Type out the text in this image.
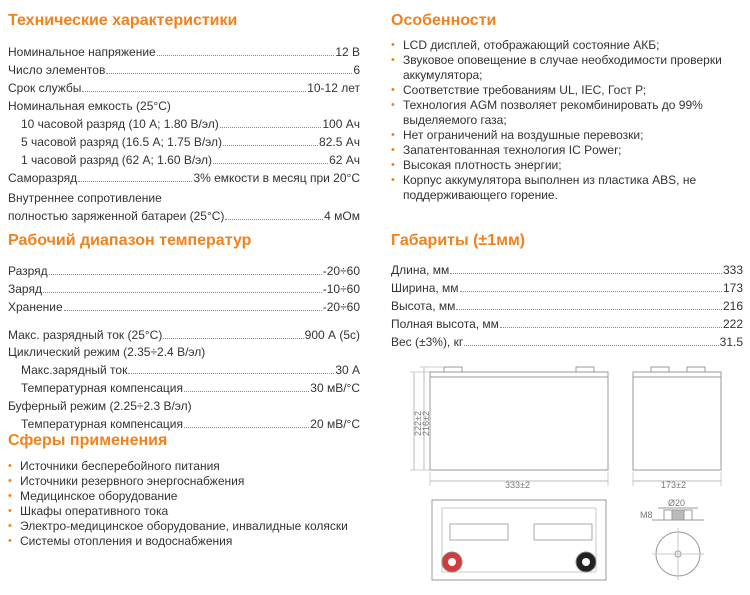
Технические характеристики
Номинальное напряжение	12 В
Число элементов	6
Срок службы	10-12 лет
Номинальная емкость (25°C)
10 часовой разряд (10 А; 1.80 В/эл)	100 Ач
5 часовой разряд (16.5 А; 1.75 В/эл)	82.5 Ач
1 часовой разряд (62 А; 1.60 В/эл)	62 Ач
Саморазряд	3% емкости в месяц при 20°C
Внутреннее сопротивление
полностью заряженной батареи (25°C)	4 мОм
Рабочий диапазон температур
Разряд	-20÷60
Заряд	-10÷60
Хранение	-20÷60
Макс. разрядный ток (25°C)	900 А (5с)
Циклический режим (2.35÷2.4 В/эл)
Макс.зарядный ток	30 А
Температурная компенсация	30 мВ/°C
Буферный режим (2.25÷2.3 В/эл)
Температурная компенсация	20 мВ/°C
Сферы применения
• Источники бесперебойного питания
• Источники резервного энергоснабжения
• Медицинское оборудование
• Шкафы оперативного тока
• Электро-медицинское оборудование, инвалидные коляски
• Системы отопления и водоснабжения
Особенности
• LCD дисплей, отображающий состояние АКБ;
• Звуковое оповещение в случае необходимости проверки аккумулятора;
• Соответствие требованиям UL, IEC, Гост Р;
• Технология AGM позволяет рекомбинировать до 99% выделяемого газа;
• Нет ограничений на воздушные перевозки;
• Запатентованная технология IC Power;
• Высокая плотность энергии;
• Корпус аккумулятора выполнен из пластика ABS, не поддерживающего горение.
Габариты (±1мм)
Длина, мм	333
Ширина, мм	173
Высота, мм	216
Полная высота, мм	222
Вес (±3%), кг	31.5
222±2
216±2
333±2	173±2
Ø20
M8
